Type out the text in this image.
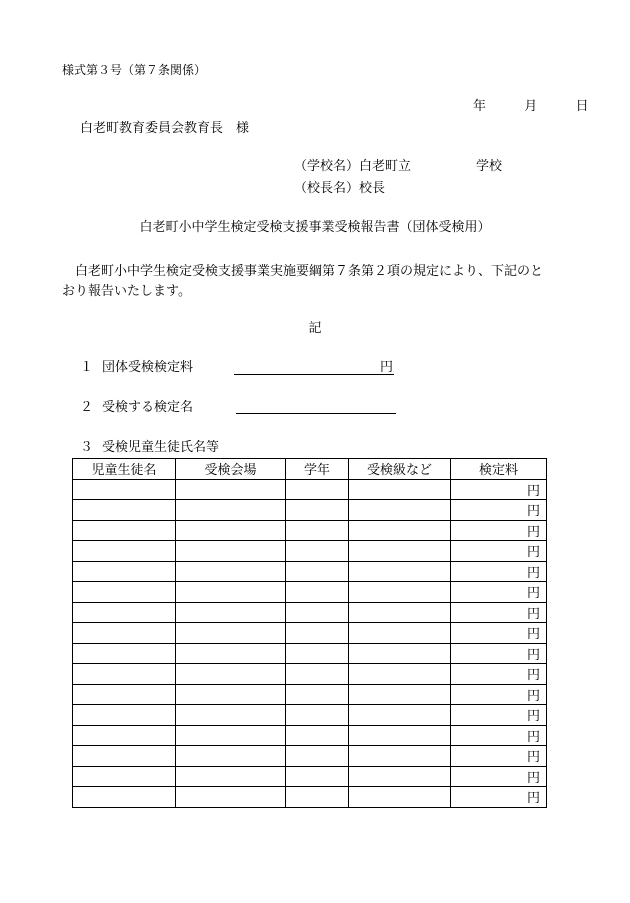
様式第３号（第７条関係）
年	月	日
白老町教育委員会教育長　様
（学校名）白老町立　　　　　学校
（校長名）校長
白老町小中学生検定受検支援事業受検報告書（団体受検用）
　白老町小中学生検定受検支援事業実施要綱第７条第２項の規定により、下記のとおり報告いたします。
記
１ 団体受検検定料	円
２ 受検する検定名
３ 受検児童生徒氏名等
児童生徒名	受検会場	学年	受検級など	検定料
				円
				円
				円
				円
				円
				円
				円
				円
				円
				円
				円
				円
				円
				円
				円
				円
